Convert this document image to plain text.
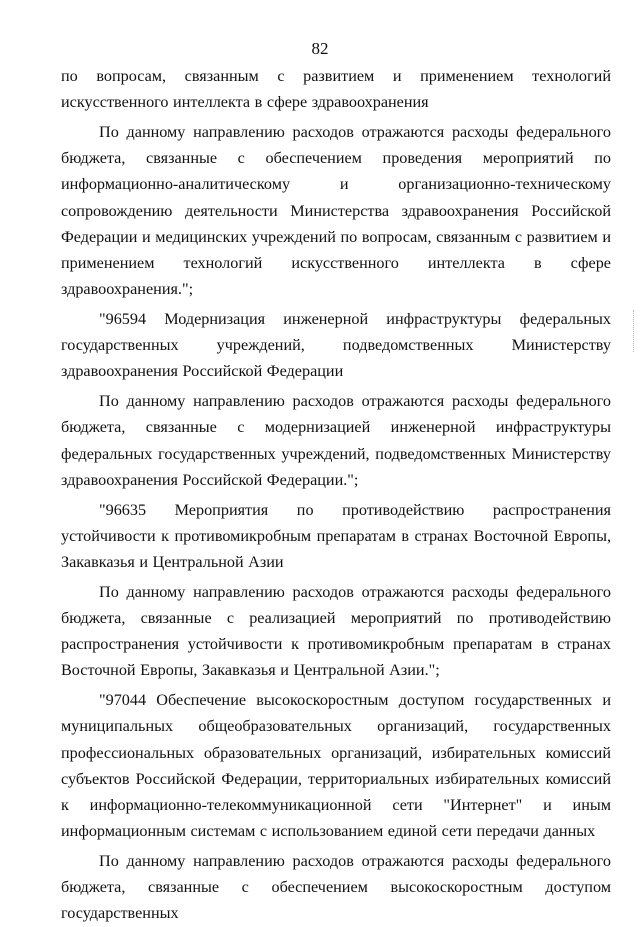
82

по вопросам, связанным с развитием и применением технологий искусственного интеллекта в сфере здравоохранения

По данному направлению расходов отражаются расходы федерального бюджета, связанные с обеспечением проведения мероприятий по информационно-аналитическому и организационно-техническому сопровождению деятельности Министерства здравоохранения Российской Федерации и медицинских учреждений по вопросам, связанным с развитием и применением технологий искусственного интеллекта в сфере здравоохранения.";

"96594 Модернизация инженерной инфраструктуры федеральных государственных учреждений, подведомственных Министерству здравоохранения Российской Федерации

По данному направлению расходов отражаются расходы федерального бюджета, связанные с модернизацией инженерной инфраструктуры федеральных государственных учреждений, подведомственных Министерству здравоохранения Российской Федерации.";

"96635 Мероприятия по противодействию распространения устойчивости к противомикробным препаратам в странах Восточной Европы, Закавказья и Центральной Азии

По данному направлению расходов отражаются расходы федерального бюджета, связанные с реализацией мероприятий по противодействию распространения устойчивости к противомикробным препаратам в странах Восточной Европы, Закавказья и Центральной Азии.";

"97044 Обеспечение высокоскоростным доступом государственных и муниципальных общеобразовательных организаций, государственных профессиональных образовательных организаций, избирательных комиссий субъектов Российской Федерации, территориальных избирательных комиссий к информационно-телекоммуникационной сети "Интернет" и иным информационным системам с использованием единой сети передачи данных

По данному направлению расходов отражаются расходы федерального бюджета, связанные с обеспечением высокоскоростным доступом государственных
